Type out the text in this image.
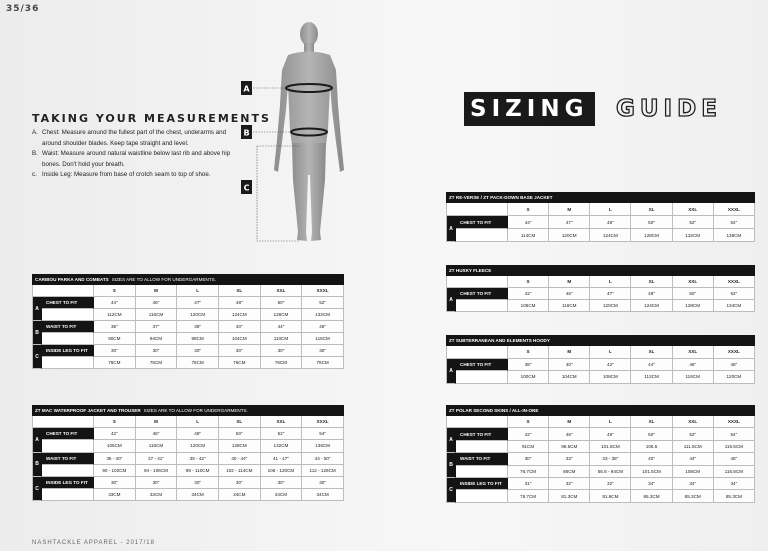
35/36
TAKING YOUR MEASUREMENTS
A. Chest: Measure around the fullest part of the chest, underarms and around shoulder blades. Keep tape straight and level.
B. Waist: Measure around natural waistline below last rib and above hip bones. Don't hold your breath.
c. Inside Leg: Measure from base of crotch seam to top of shoe.
A
B
C
SIZING GUIDE
CARIBOU PARKA AND COMBATS SIZES ARE TO ALLOW FOR UNDERGARMENTS.
S	M	L	XL	XXL	XXXL
A
CHEST TO FIT	44"	46"	47"	48"	50"	52"
112CM	116CM	120CM	124CM	128CM	132CM
B
WAIST TO FIT	35"	37"	38"	40"	44"	46"
90CM	94CM	98CM	104CM	110CM	116CM
C
INSIDE LEG TO FIT	30"	30"	30"	30"	30"	30"
76CM	76CM	76CM	76CM	76CM	76CM
ZT MAC WATERPROOF JACKET AND TROUSER SIZES ARE TO ALLOW FOR UNDERGARMENTS.
S	M	L	XL	XXL	XXXL
A
CHEST TO FIT	42"	46"	48"	50"	52"	54"
106CM	116CM	120CM	128CM	132CM	136CM
B
WAIST TO FIT	35 - 40"	37 - 41"	38 - 42"	40 - 44"	41 - 47"	44 - 50"
90 - 102CM	94 - 106CM	98 - 110CM	102 - 114CM	106 - 120CM	112 - 128CM
C
INSIDE LEG TO FIT	30"	30"	30"	30"	30"	30"
33CM	33CM	34CM	34CM	34CM	34CM
ZT RE-VERSE / ZT PACK-DOWN BASE JACKET
S	M	L	XL	XXL	XXXL
A
CHEST TO FIT	44"	47"	48"	50"	52"	54"
114CM	120CM	124CM	128CM	132CM	138CM
ZT HUSKY FLEECE
S	M	L	XL	XXL	XXXL
A
CHEST TO FIT	42"	46"	47"	48"	50"	52"
106CM	116CM	120CM	124CM	128CM	134CM
ZT SUBTERRANEAN AND ELEMENTS HOODY
S	M	L	XL	XXL	XXXL
A
CHEST TO FIT	38"	40"	42"	44"	46"	48"
100CM	104CM	108CM	112CM	116CM	120CM
ZT POLAR SECOND SKINS / ALL-IN-ONE
S	M	L	XL	XXL	XXXL
A
CHEST TO FIT	42"	46"	48"	50"	52"	54"
91CM	96.5CM	101.5CM	106.5	111.5CM	116.5CM
B
WAIST TO FIT	30"	33"	33 - 38"	40"	44"	48"
76.7CM	86CM	55.8 - 94CM	101.5CM	108CM	116.8CM
C
INSIDE LEG TO FIT	31"	32"	32"	34"	34"	34"
78.7CM	81.3CM	81.8CM	85.3CM	85.3CM	85.3CM
NASHTACKLE APPAREL - 2017/18
